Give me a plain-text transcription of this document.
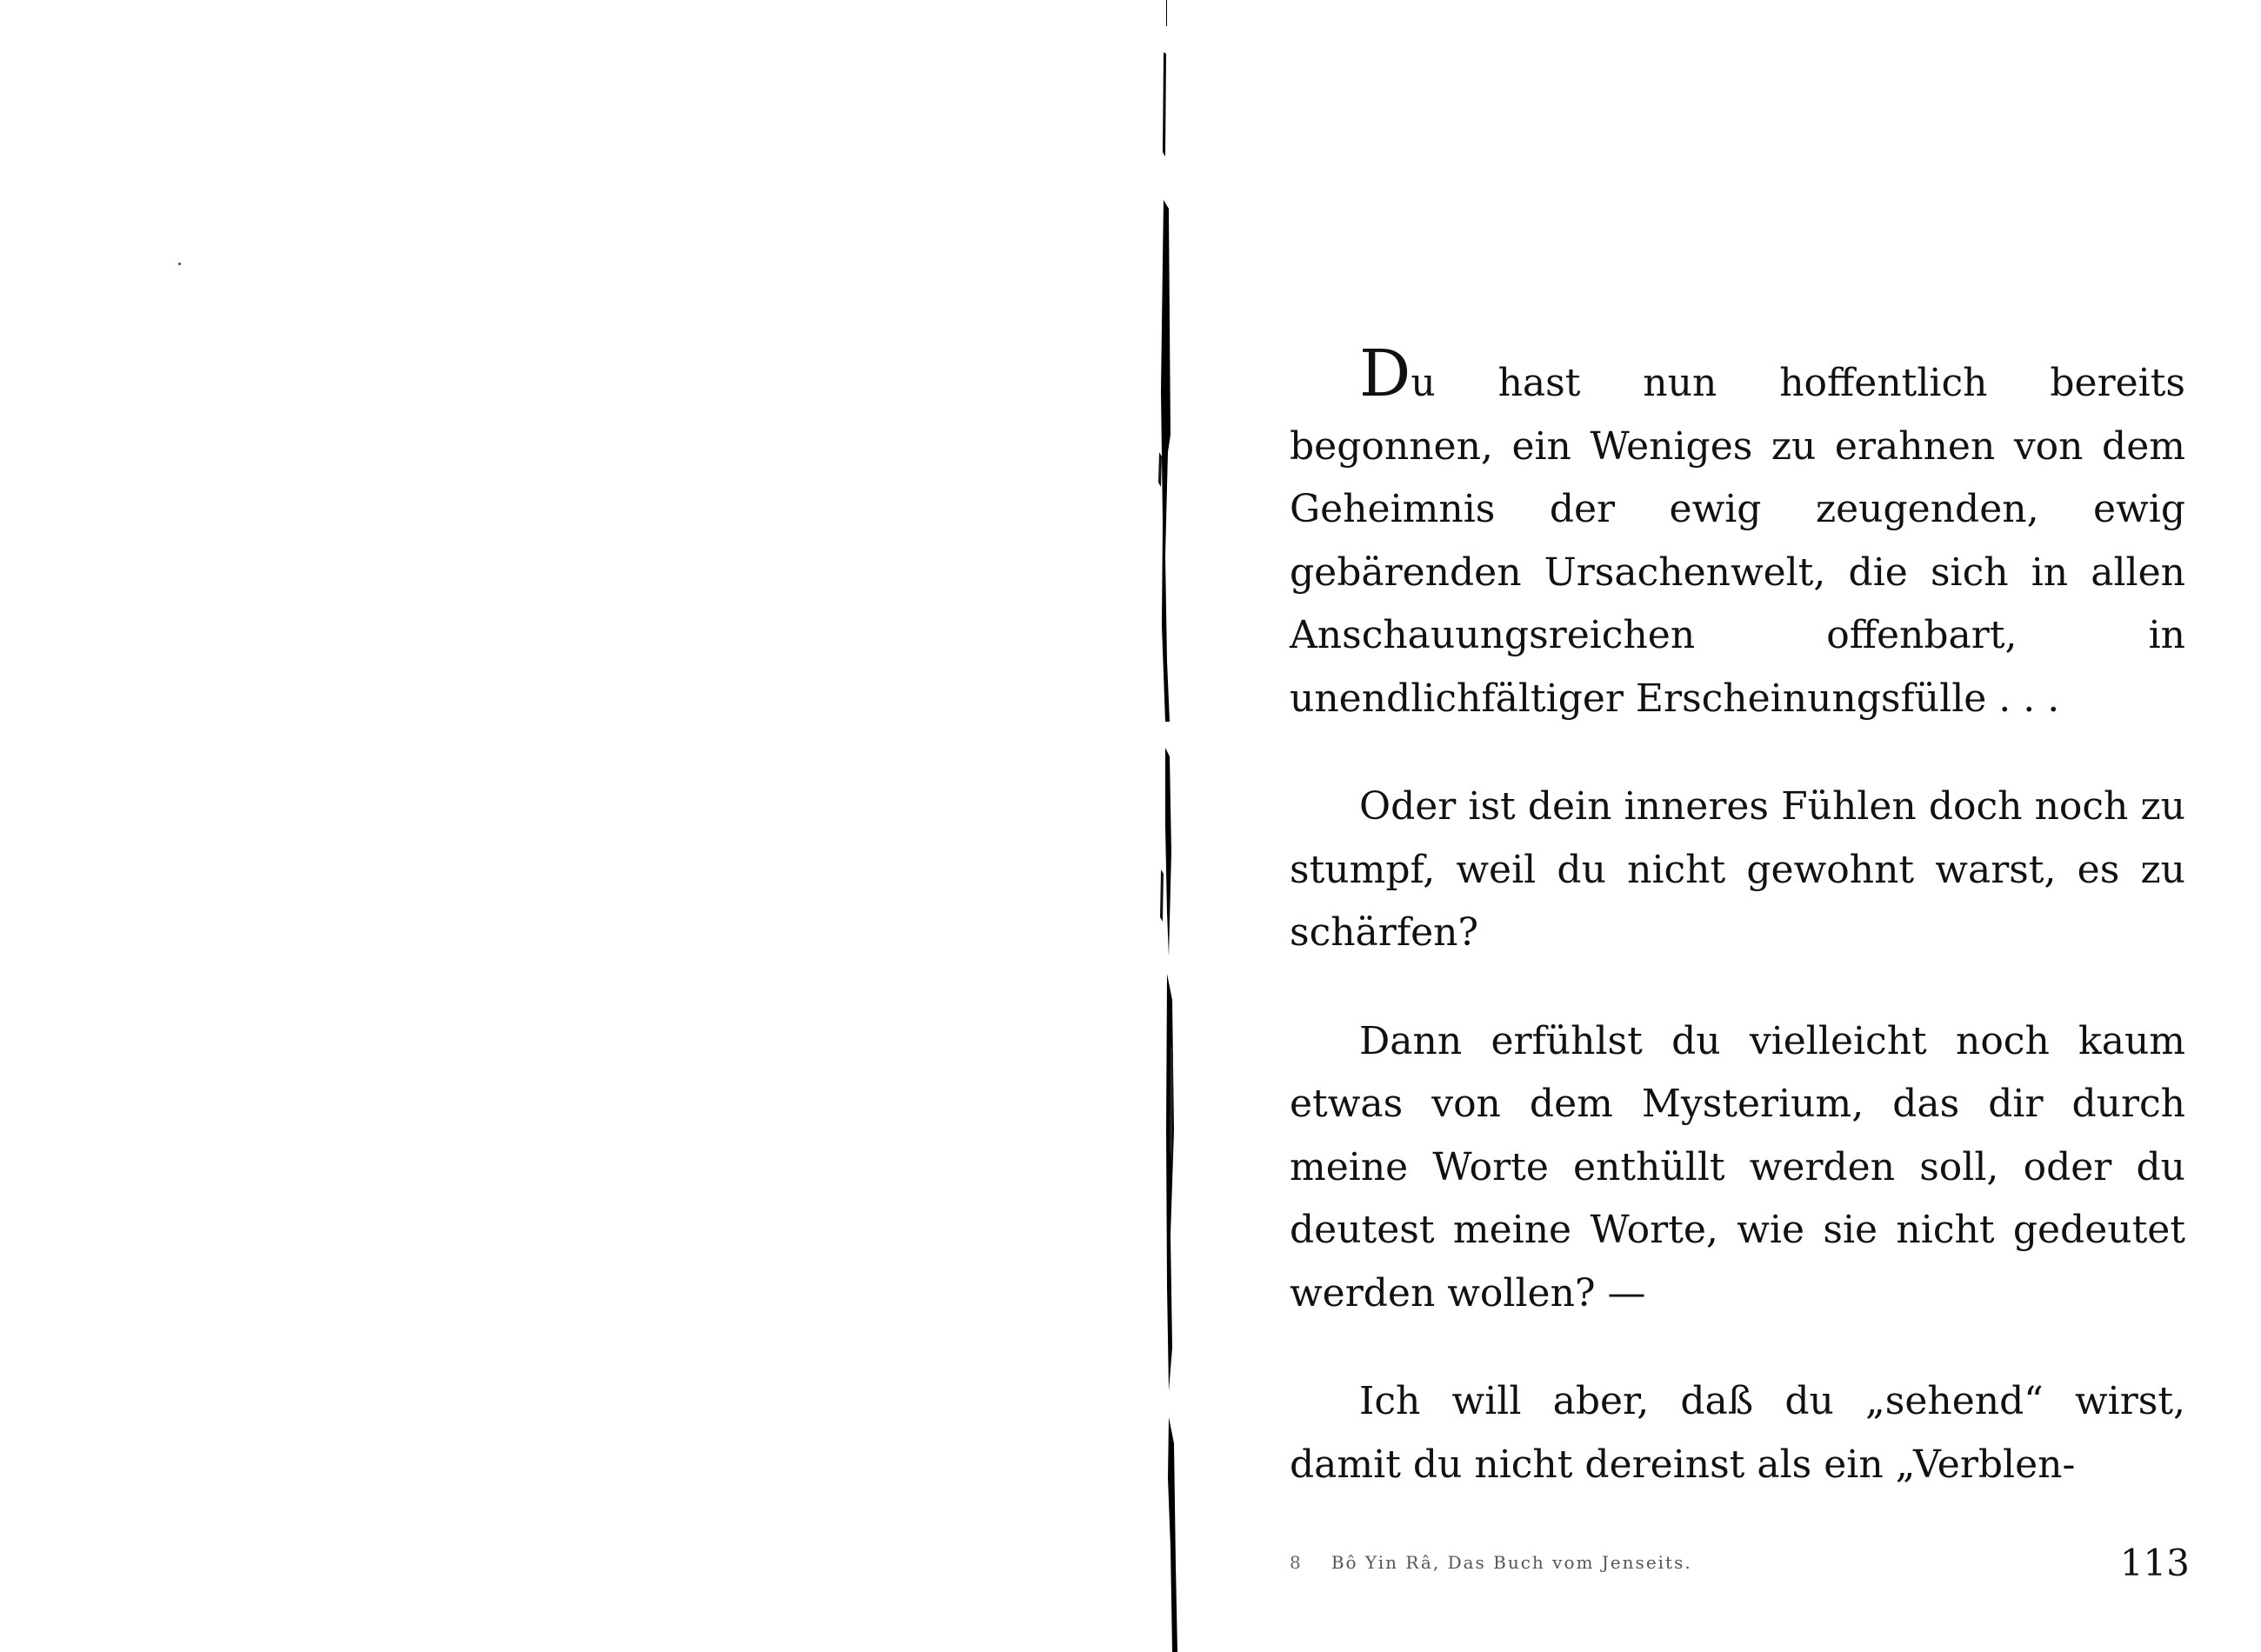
Du hast nun hoffentlich bereits begonnen, ein Weniges zu erahnen von dem Geheimnis der ewig zeugenden, ewig gebärenden Ursachenwelt, die sich in allen Anschauungsreichen offenbart, in unendlichfältiger Erscheinungsfülle . . .

Oder ist dein inneres Fühlen doch noch zu stumpf, weil du nicht gewohnt warst, es zu schärfen?

Dann erfühlst du vielleicht noch kaum etwas von dem Mysterium, das dir durch meine Worte enthüllt werden soll, oder du deutest meine Worte, wie sie nicht gedeutet werden wollen? —

Ich will aber, daß du „sehend“ wirst, damit du nicht dereinst als ein „Verblen-

8 Bô Yin Râ, Das Buch vom Jenseits.	113
